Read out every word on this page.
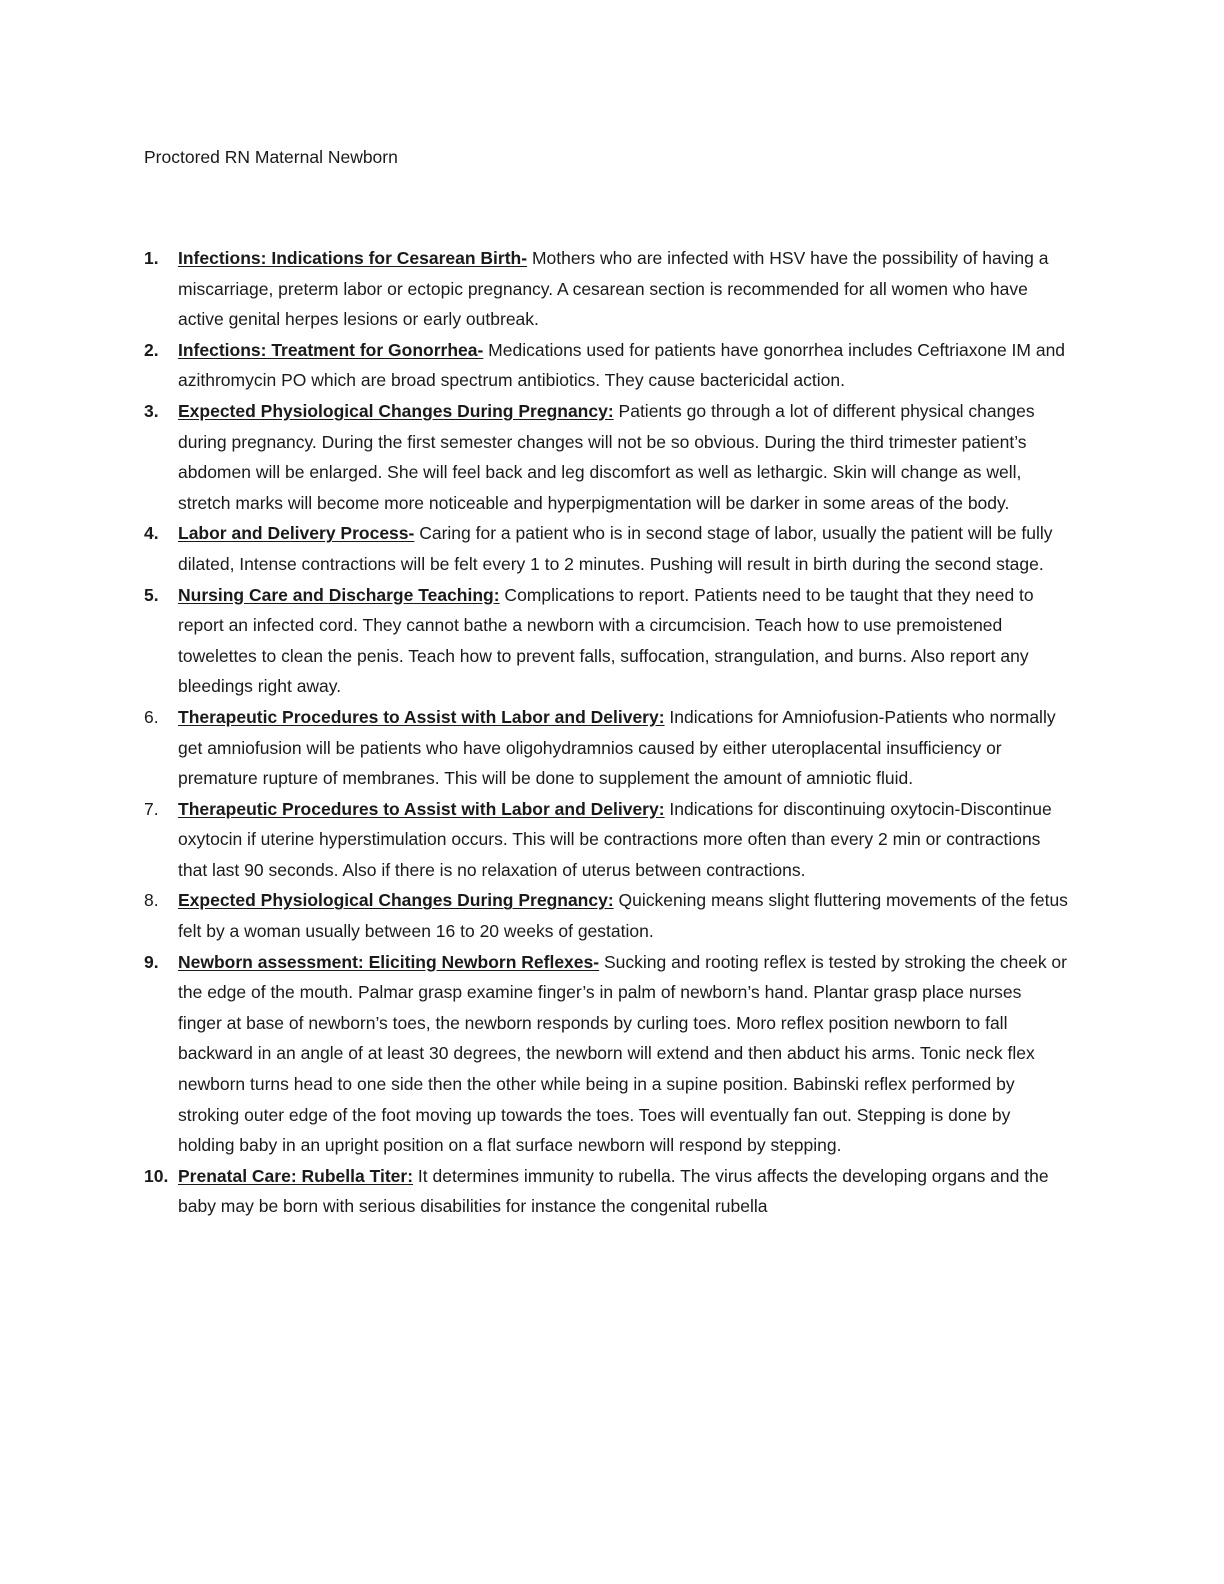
Proctored RN Maternal Newborn
1.	Infections: Indications for Cesarean Birth- Mothers who are infected with HSV have the possibility of having a miscarriage, preterm labor or ectopic pregnancy. A cesarean section is recommended for all women who have active genital herpes lesions or early outbreak.
2.	Infections: Treatment for Gonorrhea- Medications used for patients have gonorrhea includes Ceftriaxone IM and azithromycin PO which are broad spectrum antibiotics. They cause bactericidal action.
3.	Expected Physiological Changes During Pregnancy: Patients go through a lot of different physical changes during pregnancy. During the first semester changes will not be so obvious. During the third trimester patient’s abdomen will be enlarged. She will feel back and leg discomfort as well as lethargic. Skin will change as well, stretch marks will become more noticeable and hyperpigmentation will be darker in some areas of the body.
4.	Labor and Delivery Process- Caring for a patient who is in second stage of labor, usually the patient will be fully dilated, Intense contractions will be felt every 1 to 2 minutes. Pushing will result in birth during the second stage.
5.	Nursing Care and Discharge Teaching: Complications to report. Patients need to be taught that they need to report an infected cord. They cannot bathe a newborn with a circumcision. Teach how to use premoistened towelettes to clean the penis. Teach how to prevent falls, suffocation, strangulation, and burns. Also report any bleedings right away.
6.	Therapeutic Procedures to Assist with Labor and Delivery: Indications for Amniofusion-Patients who normally get amniofusion will be patients who have oligohydramnios caused by either uteroplacental insufficiency or premature rupture of membranes. This will be done to supplement the amount of amniotic fluid.
7.	Therapeutic Procedures to Assist with Labor and Delivery: Indications for discontinuing oxytocin-Discontinue oxytocin if uterine hyperstimulation occurs. This will be contractions more often than every 2 min or contractions that last 90 seconds. Also if there is no relaxation of uterus between contractions.
8.	Expected Physiological Changes During Pregnancy: Quickening means slight fluttering movements of the fetus felt by a woman usually between 16 to 20 weeks of gestation.
9.	Newborn assessment: Eliciting Newborn Reflexes- Sucking and rooting reflex is tested by stroking the cheek or the edge of the mouth. Palmar grasp examine finger’s in palm of newborn’s hand. Plantar grasp place nurses finger at base of newborn’s toes, the newborn responds by curling toes. Moro reflex position newborn to fall backward in an angle of at least 30 degrees, the newborn will extend and then abduct his arms. Tonic neck flex newborn turns head to one side then the other while being in a supine position. Babinski reflex performed by stroking outer edge of the foot moving up towards the toes. Toes will eventually fan out. Stepping is done by holding baby in an upright position on a flat surface newborn will respond by stepping.
10. Prenatal Care: Rubella Titer: It determines immunity to rubella. The virus affects the developing organs and the baby may be born with serious disabilities for instance the congenital rubella
